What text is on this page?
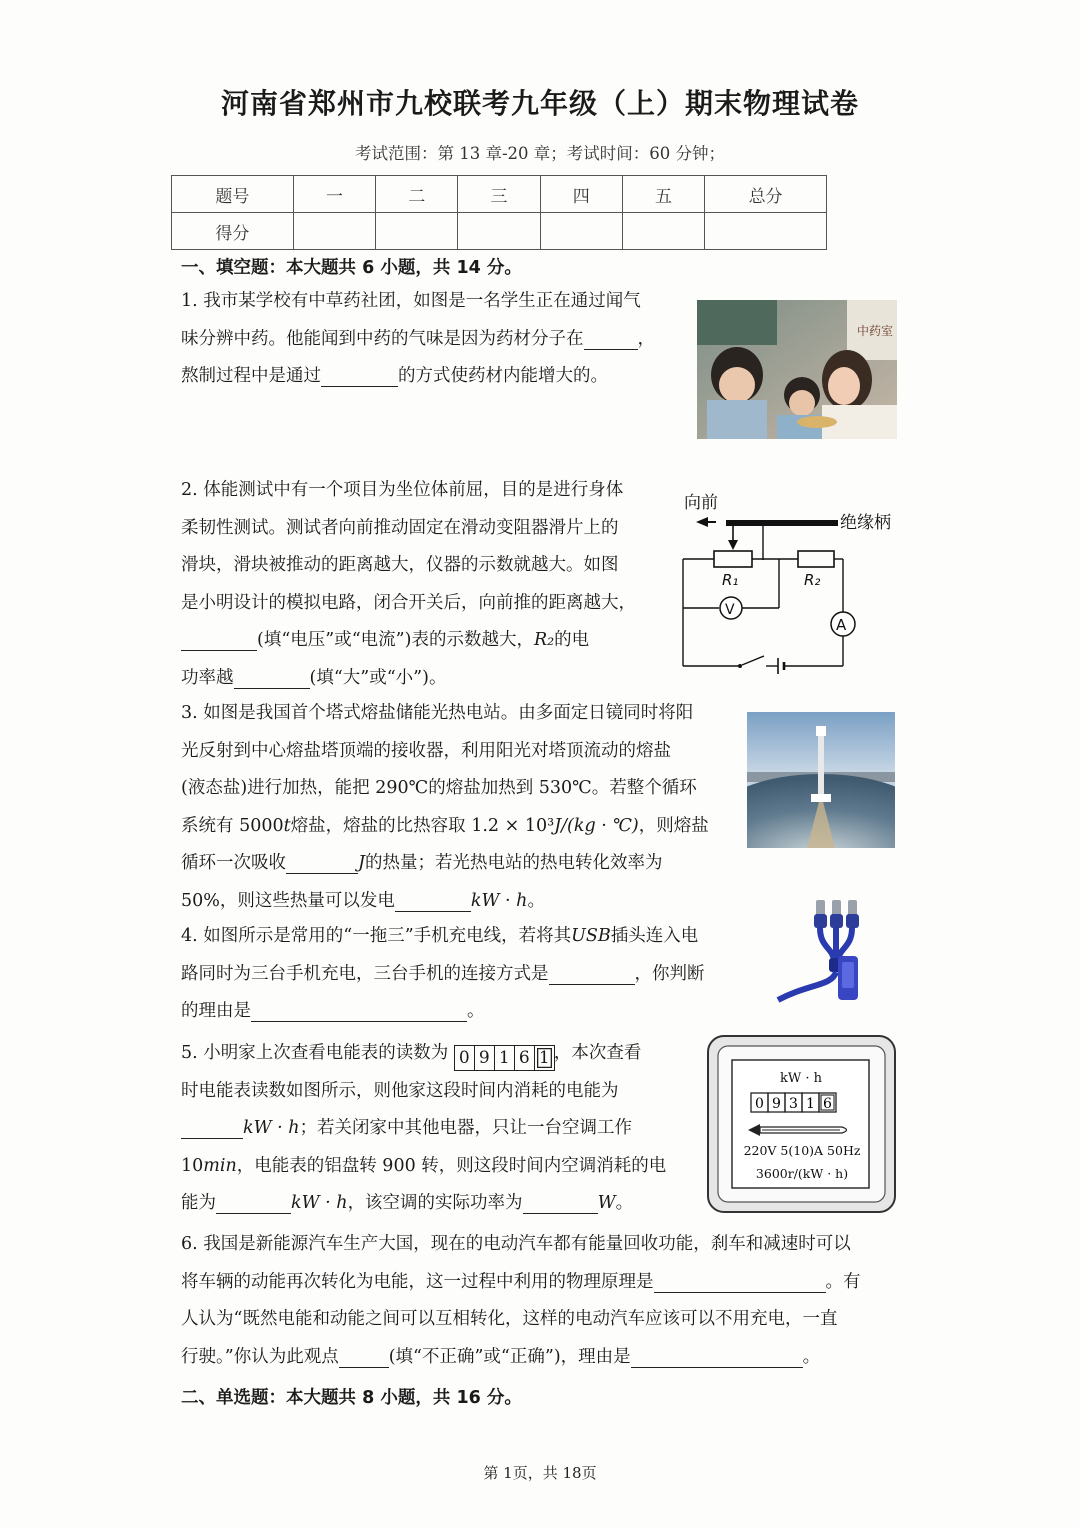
河南省郑州市九校联考九年级（上）期末物理试卷
考试范围：第 13 章-20 章；考试时间：60 分钟；
题号	一	二	三	四	五	总分
得分						
一、填空题：本大题共 6 小题，共 14 分。
1. 我市某学校有中草药社团，如图是一名学生正在通过闻气
味分辨中药。他能闻到中药的气味是因为药材分子在	，
熬制过程中是通过	的方式使药材内能增大的。
中药室
2. 体能测试中有一个项目为坐位体前屈，目的是进行身体
柔韧性测试。测试者向前推动固定在滑动变阻器滑片上的
滑块，滑块被推动的距离越大，仪器的示数就越大。如图
是小明设计的模拟电路，闭合开关后，向前推的距离越大，
(填“电压”或“电流”)表的示数越大，R₂的电
功率越	(填“大”或“小”)。
向前
绝缘柄
A
V
R₁	R₂
3. 如图是我国首个塔式熔盐储能光热电站。由多面定日镜同时将阳
光反射到中心熔盐塔顶端的接收器，利用阳光对塔顶流动的熔盐
(液态盐)进行加热，能把 290℃的熔盐加热到 530℃。若整个循环
系统有 5000t熔盐，熔盐的比热容取 1.2 × 10³J/(kg · ℃)，则熔盐
循环一次吸收	J的热量；若光热电站的热电转化效率为
50%，则这些热量可以发电	kW · h。
4. 如图所示是常用的“一拖三”手机充电线，若将其USB插头连入电
路同时为三台手机充电，三台手机的连接方式是	，你判断
的理由是	。
5. 小明家上次查看电能表的读数为 0 9 1 6 1 ，本次查看
时电能表读数如图所示，则他家这段时间内消耗的电能为
kW · h；若关闭家中其他电器，只让一台空调工作
10min，电能表的铝盘转 900 转，则这段时间内空调消耗的电
能为	kW · h，该空调的实际功率为	W。
kW · h
0 9 3 1 6
220V 5(10)A 50Hz
3600r/(kW · h)
6. 我国是新能源汽车生产大国，现在的电动汽车都有能量回收功能，刹车和减速时可以
将车辆的动能再次转化为电能，这一过程中利用的物理原理是	。有
人认为“既然电能和动能之间可以互相转化，这样的电动汽车应该可以不用充电，一直
行驶。”你认为此观点	(填“不正确”或“正确”)，理由是	。
二、单选题：本大题共 8 小题，共 16 分。
第 1页，共 18页
